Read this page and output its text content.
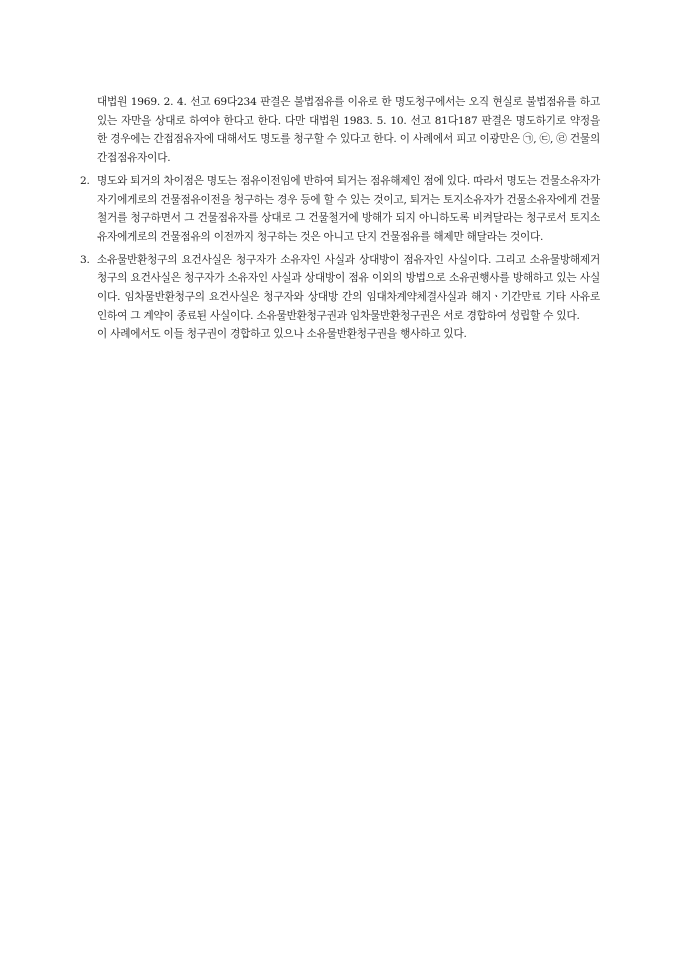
대법원 1969. 2. 4. 선고 69다234 판결은 불법점유를 이유로 한 명도청구에서는 오직 현실로 불법점유를 하고 있는 자만을 상대로 하여야 한다고 한다. 다만 대법원 1983. 5. 10. 선고 81다187 판결은 명도하기로 약정을 한 경우에는 간접점유자에 대해서도 명도를 청구할 수 있다고 한다. 이 사례에서 피고 이광만은 ㉠, ㉢, ㉣ 건물의 간접점유자이다.

2. 명도와 퇴거의 차이점은 명도는 점유이전임에 반하여 퇴거는 점유해제인 점에 있다. 따라서 명도는 건물소유자가 자기에게로의 건물점유이전을 청구하는 경우 등에 할 수 있는 것이고, 퇴거는 토지소유자가 건물소유자에게 건물철거를 청구하면서 그 건물점유자를 상대로 그 건물철거에 방해가 되지 아니하도록 비켜달라는 청구로서 토지소유자에게로의 건물점유의 이전까지 청구하는 것은 아니고 단지 건물점유를 해제만 해달라는 것이다.

3. 소유물반환청구의 요건사실은 청구자가 소유자인 사실과 상대방이 점유자인 사실이다. 그리고 소유물방해제거청구의 요건사실은 청구자가 소유자인 사실과 상대방이 점유 이외의 방법으로 소유권행사를 방해하고 있는 사실이다. 임차물반환청구의 요건사실은 청구자와 상대방 간의 임대차계약체결사실과 해지ㆍ기간만료 기타 사유로 인하여 그 계약이 종료된 사실이다. 소유물반환청구권과 임차물반환청구권은 서로 경합하여 성립할 수 있다.

이 사례에서도 이들 청구권이 경합하고 있으나 소유물반환청구권을 행사하고 있다.
